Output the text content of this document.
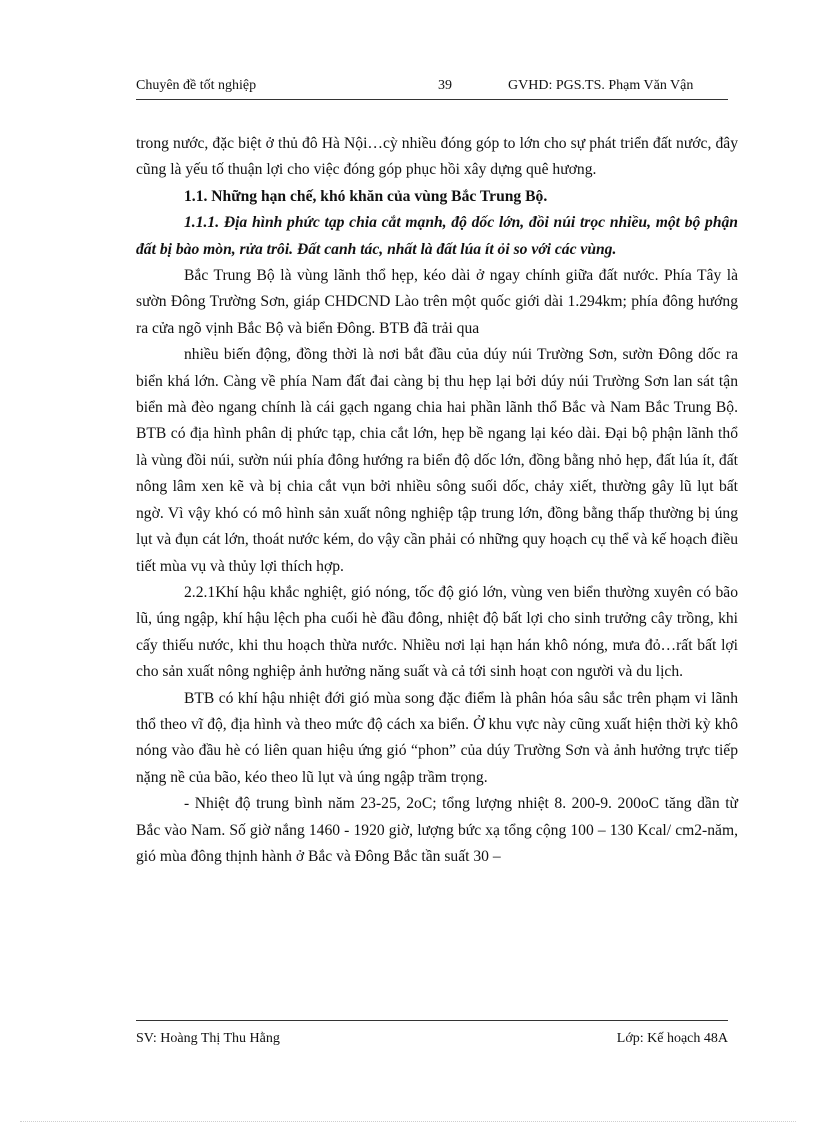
Chuyên đề tốt nghiệp	39	GVHD: PGS.TS. Phạm Văn Vận

trong nước, đặc biệt ở thủ đô Hà Nội…cỳ nhiều đóng góp to lớn cho sự phát triển đất nước, đây cũng là yếu tố thuận lợi cho việc đóng góp phục hồi xây dựng quê hương.

1.1. Những hạn chế, khó khăn của vùng Bắc Trung Bộ.

1.1.1. Địa hình phức tạp chia cắt mạnh, độ dốc lớn, đồi núi trọc nhiều, một bộ phận đất bị bào mòn, rửa trôi. Đất canh tác, nhất là đất lúa ít ỏi so với các vùng.

Bắc Trung Bộ là vùng lãnh thổ hẹp, kéo dài ở ngay chính giữa đất nước. Phía Tây là sườn Đông Trường Sơn, giáp CHDCND Lào trên một quốc giới dài 1.294km; phía đông hướng ra cửa ngõ vịnh Bắc Bộ và biển Đông. BTB đã trải qua

nhiều biến động, đồng thời là nơi bắt đầu của dúy núi Trường Sơn, sườn Đông dốc ra biển khá lớn. Càng về phía Nam đất đai càng bị thu hẹp lại bởi dúy núi Trường Sơn lan sát tận biển mà đèo ngang chính là cái gạch ngang chia hai phần lãnh thổ Bắc và Nam Bắc Trung Bộ. BTB có địa hình phân dị phức tạp, chia cắt lớn, hẹp bề ngang lại kéo dài. Đại bộ phận lãnh thổ là vùng đồi núi, sườn núi phía đông hướng ra biển độ dốc lớn, đồng bằng nhỏ hẹp, đất lúa ít, đất nông lâm xen kẽ và bị chia cắt vụn bởi nhiều sông suối dốc, chảy xiết, thường gây lũ lụt bất ngờ. Vì vậy khó có mô hình sản xuất nông nghiệp tập trung lớn, đồng bằng thấp thường bị úng lụt và đụn cát lớn, thoát nước kém, do vậy cần phải có những quy hoạch cụ thể và kế hoạch điều tiết mùa vụ và thủy lợi thích hợp.

2.2.1Khí hậu khắc nghiệt, gió nóng, tốc độ gió lớn, vùng ven biển thường xuyên có bão lũ, úng ngập, khí hậu lệch pha cuối hè đầu đông, nhiệt độ bất lợi cho sinh trưởng cây trồng, khi cấy thiếu nước, khi thu hoạch thừa nước. Nhiều nơi lại hạn hán khô nóng, mưa đỏ…rất bất lợi cho sản xuất nông nghiệp ảnh hưởng năng suất và cả tới sinh hoạt con người và du lịch.

BTB có khí hậu nhiệt đới gió mùa song đặc điểm là phân hóa sâu sắc trên phạm vi lãnh thổ theo vĩ độ, địa hình và theo mức độ cách xa biển. Ở khu vực này cũng xuất hiện thời kỳ khô nóng vào đầu hè có liên quan hiệu ứng gió “phon” của dúy Trường Sơn và ảnh hưởng trực tiếp nặng nề của bão, kéo theo lũ lụt và úng ngập trầm trọng.

- Nhiệt độ trung bình năm 23-25, 2oC; tổng lượng nhiệt 8. 200-9. 200oC tăng dần từ Bắc vào Nam. Số giờ nắng 1460 - 1920 giờ, lượng bức xạ tổng cộng 100 – 130 Kcal/ cm2-năm, gió mùa đông thịnh hành ở Bắc và Đông Bắc tần suất 30 –

SV: Hoàng Thị Thu Hằng	Lớp: Kế hoạch 48A
